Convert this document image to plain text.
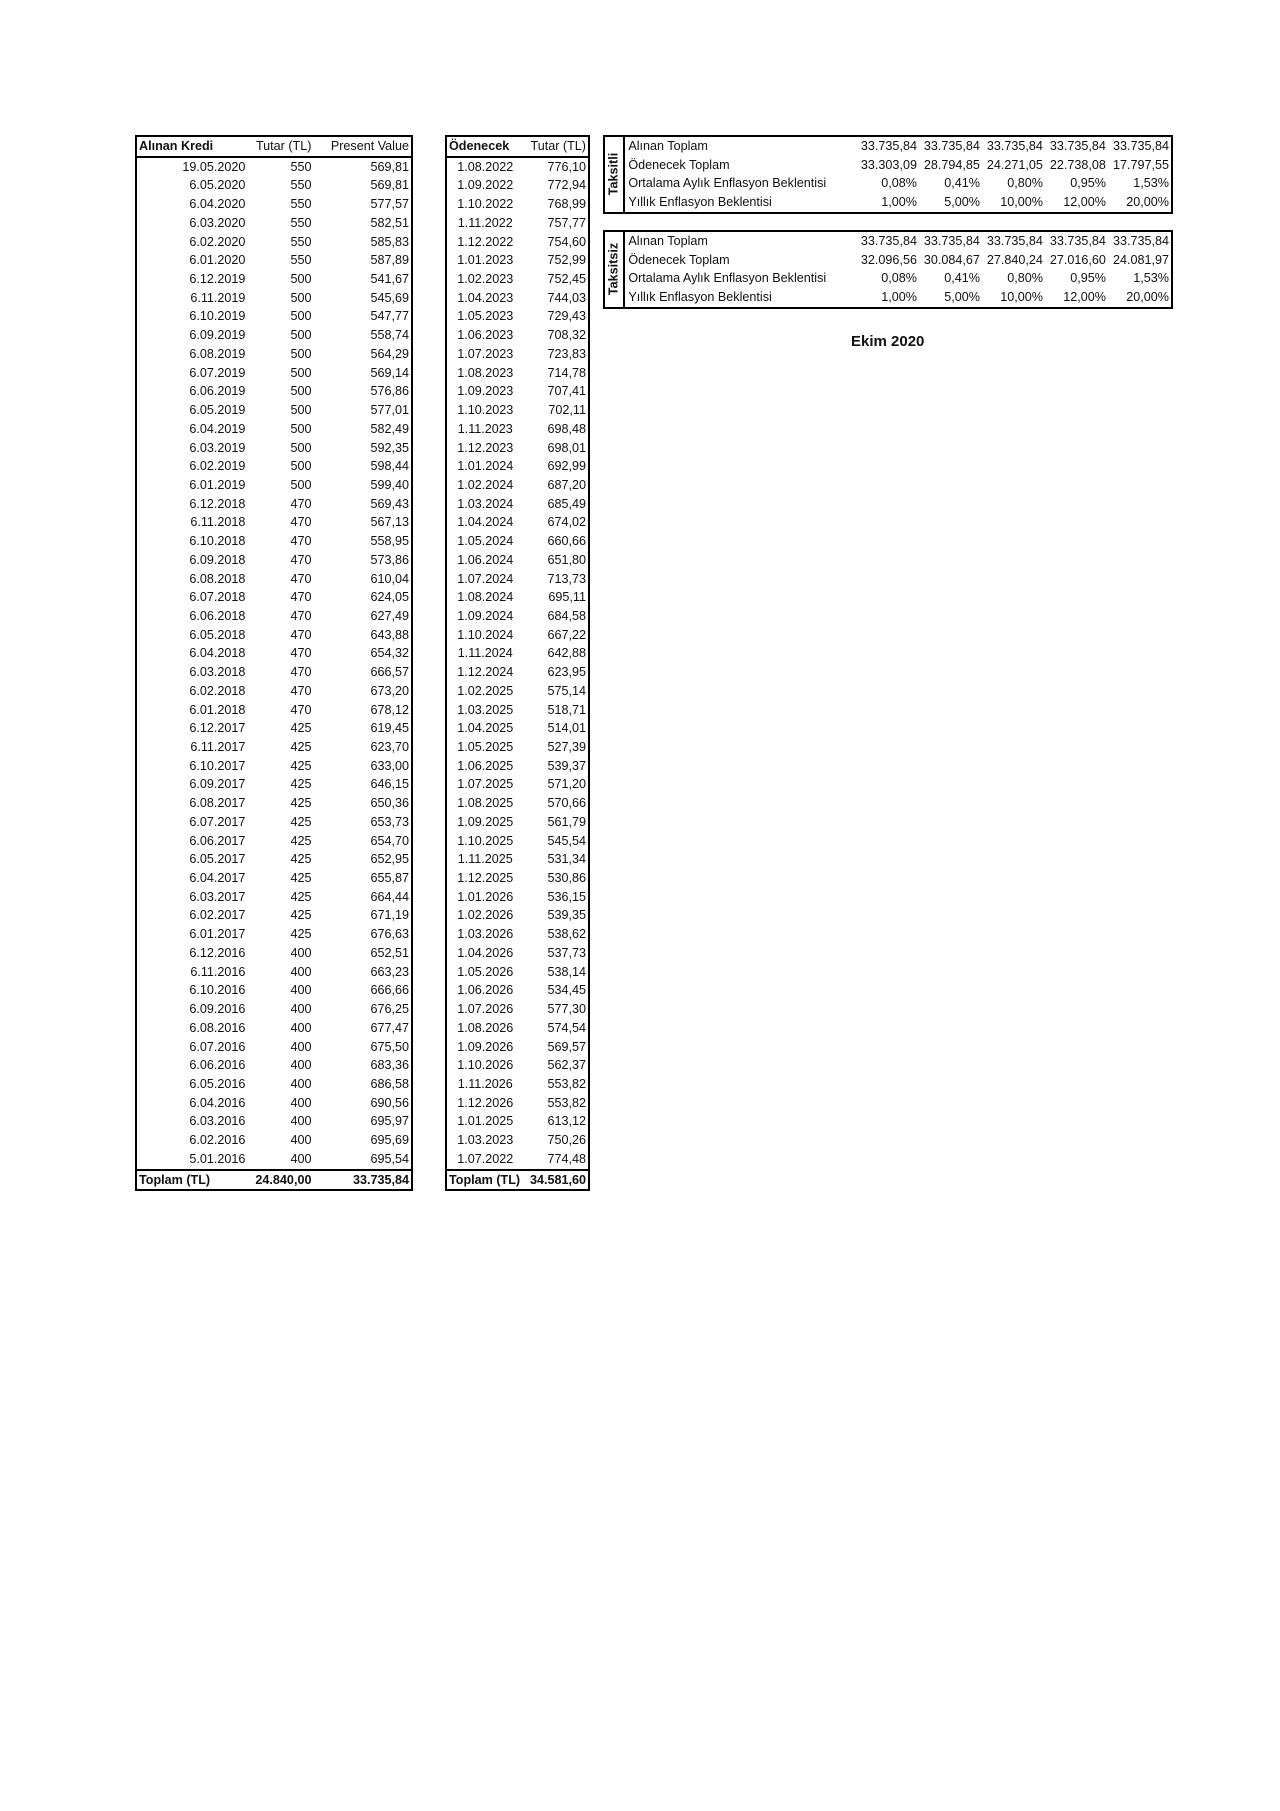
Alınan Kredi	Tutar (TL)	Present Value
19.05.2020	550	569,81
6.05.2020	550	569,81
6.04.2020	550	577,57
6.03.2020	550	582,51
6.02.2020	550	585,83
6.01.2020	550	587,89
6.12.2019	500	541,67
6.11.2019	500	545,69
6.10.2019	500	547,77
6.09.2019	500	558,74
6.08.2019	500	564,29
6.07.2019	500	569,14
6.06.2019	500	576,86
6.05.2019	500	577,01
6.04.2019	500	582,49
6.03.2019	500	592,35
6.02.2019	500	598,44
6.01.2019	500	599,40
6.12.2018	470	569,43
6.11.2018	470	567,13
6.10.2018	470	558,95
6.09.2018	470	573,86
6.08.2018	470	610,04
6.07.2018	470	624,05
6.06.2018	470	627,49
6.05.2018	470	643,88
6.04.2018	470	654,32
6.03.2018	470	666,57
6.02.2018	470	673,20
6.01.2018	470	678,12
6.12.2017	425	619,45
6.11.2017	425	623,70
6.10.2017	425	633,00
6.09.2017	425	646,15
6.08.2017	425	650,36
6.07.2017	425	653,73
6.06.2017	425	654,70
6.05.2017	425	652,95
6.04.2017	425	655,87
6.03.2017	425	664,44
6.02.2017	425	671,19
6.01.2017	425	676,63
6.12.2016	400	652,51
6.11.2016	400	663,23
6.10.2016	400	666,66
6.09.2016	400	676,25
6.08.2016	400	677,47
6.07.2016	400	675,50
6.06.2016	400	683,36
6.05.2016	400	686,58
6.04.2016	400	690,56
6.03.2016	400	695,97
6.02.2016	400	695,69
5.01.2016	400	695,54
Toplam (TL)	24.840,00	33.735,84
Ödenecek	Tutar (TL)
1.08.2022	776,10
1.09.2022	772,94
1.10.2022	768,99
1.11.2022	757,77
1.12.2022	754,60
1.01.2023	752,99
1.02.2023	752,45
1.04.2023	744,03
1.05.2023	729,43
1.06.2023	708,32
1.07.2023	723,83
1.08.2023	714,78
1.09.2023	707,41
1.10.2023	702,11
1.11.2023	698,48
1.12.2023	698,01
1.01.2024	692,99
1.02.2024	687,20
1.03.2024	685,49
1.04.2024	674,02
1.05.2024	660,66
1.06.2024	651,80
1.07.2024	713,73
1.08.2024	695,11
1.09.2024	684,58
1.10.2024	667,22
1.11.2024	642,88
1.12.2024	623,95
1.02.2025	575,14
1.03.2025	518,71
1.04.2025	514,01
1.05.2025	527,39
1.06.2025	539,37
1.07.2025	571,20
1.08.2025	570,66
1.09.2025	561,79
1.10.2025	545,54
1.11.2025	531,34
1.12.2025	530,86
1.01.2026	536,15
1.02.2026	539,35
1.03.2026	538,62
1.04.2026	537,73
1.05.2026	538,14
1.06.2026	534,45
1.07.2026	577,30
1.08.2026	574,54
1.09.2026	569,57
1.10.2026	562,37
1.11.2026	553,82
1.12.2026	553,82
1.01.2025	613,12
1.03.2023	750,26
1.07.2022	774,48
Toplam (TL)	34.581,60
Taksitli	Alınan Toplam	33.735,84	33.735,84	33.735,84	33.735,84	33.735,84
	Ödenecek Toplam	33.303,09	28.794,85	24.271,05	22.738,08	17.797,55
	Ortalama Aylık Enflasyon Beklentisi	0,08%	0,41%	0,80%	0,95%	1,53%
	Yıllık Enflasyon Beklentisi	1,00%	5,00%	10,00%	12,00%	20,00%
Taksitsiz	Alınan Toplam	33.735,84	33.735,84	33.735,84	33.735,84	33.735,84
	Ödenecek Toplam	32.096,56	30.084,67	27.840,24	27.016,60	24.081,97
	Ortalama Aylık Enflasyon Beklentisi	0,08%	0,41%	0,80%	0,95%	1,53%
	Yıllık Enflasyon Beklentisi	1,00%	5,00%	10,00%	12,00%	20,00%
Ekim 2020
